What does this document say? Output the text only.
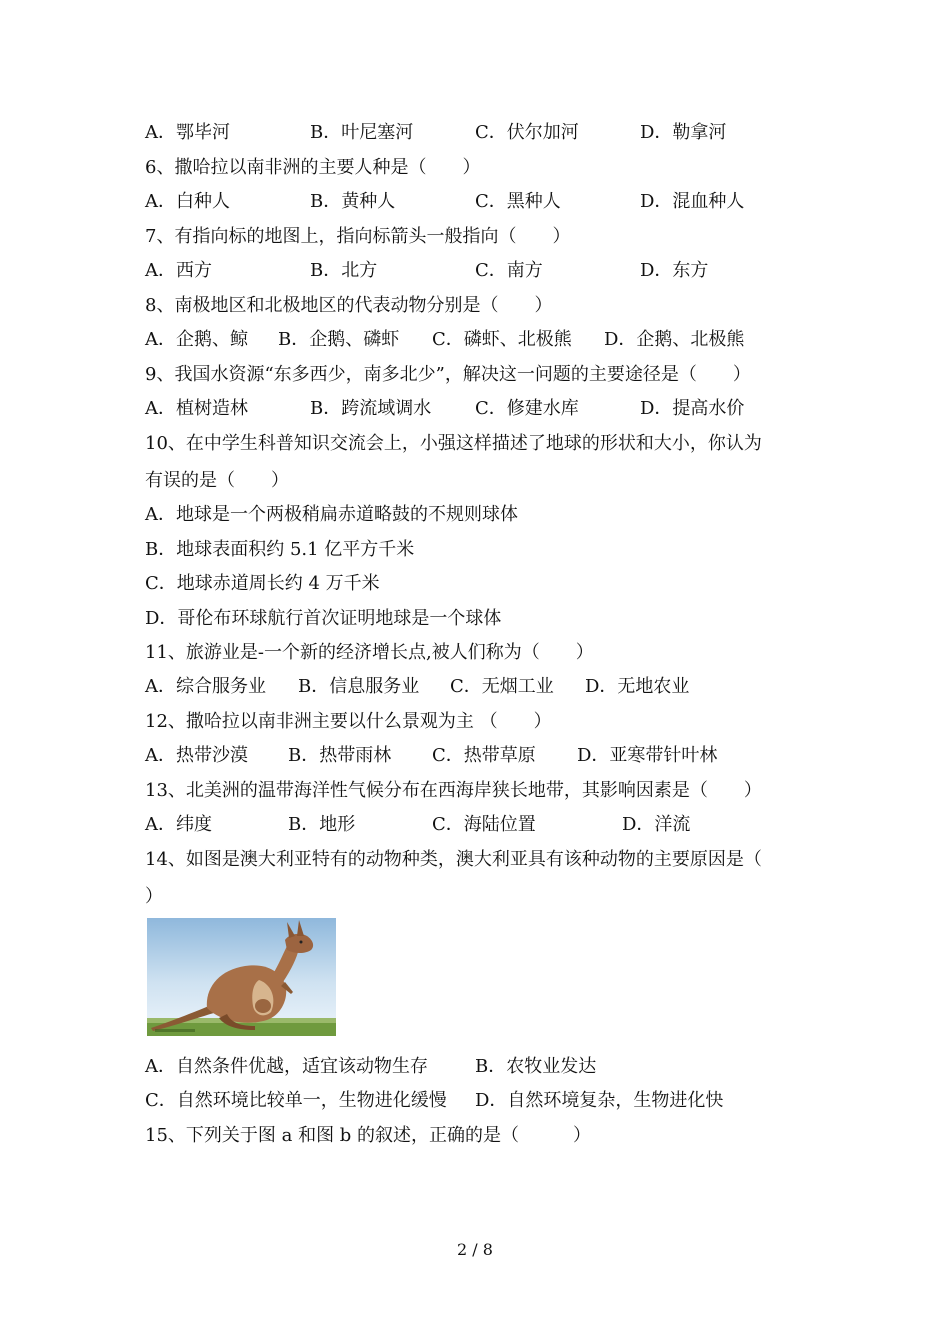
A．鄂毕河	B．叶尼塞河	C．伏尔加河	D．勒拿河
6、撒哈拉以南非洲的主要人种是（　　）
A．白种人	B．黄种人	C．黑种人	D．混血种人
7、有指向标的地图上，指向标箭头一般指向（　　）
A．西方	B．北方	C．南方	D．东方
8、南极地区和北极地区的代表动物分别是（　　）
A．企鹅、鲸 B．企鹅、磷虾 C．磷虾、北极熊 D．企鹅、北极熊
9、我国水资源“东多西少，南多北少”，解决这一问题的主要途径是（　　）
A．植树造林	B．跨流域调水 C．修建水库	D．提高水价
10、在中学生科普知识交流会上，小强这样描述了地球的形状和大小，你认为
有误的是（　　）
A．地球是一个两极稍扁赤道略鼓的不规则球体
B．地球表面积约 5.1 亿平方千米
C．地球赤道周长约 4 万千米
D．哥伦布环球航行首次证明地球是一个球体
11、旅游业是-一个新的经济增长点,被人们称为（　　）
A．综合服务业 B．信息服务业 C．无烟工业 D．无地农业
12、撒哈拉以南非洲主要以什么景观为主 （　　）
A．热带沙漠 B．热带雨林 C．热带草原 D．亚寒带针叶林
13、北美洲的温带海洋性气候分布在西海岸狭长地带，其影响因素是（　　）
A．纬度	B．地形	C．海陆位置	D．洋流
14、如图是澳大利亚特有的动物种类，澳大利亚具有该种动物的主要原因是（
）
A．自然条件优越，适宜该动物生存	B．农牧业发达
C．自然环境比较单一，生物进化缓慢 D．自然环境复杂，生物进化快
15、下列关于图 a 和图 b 的叙述，正确的是（　　　）
2 / 8
